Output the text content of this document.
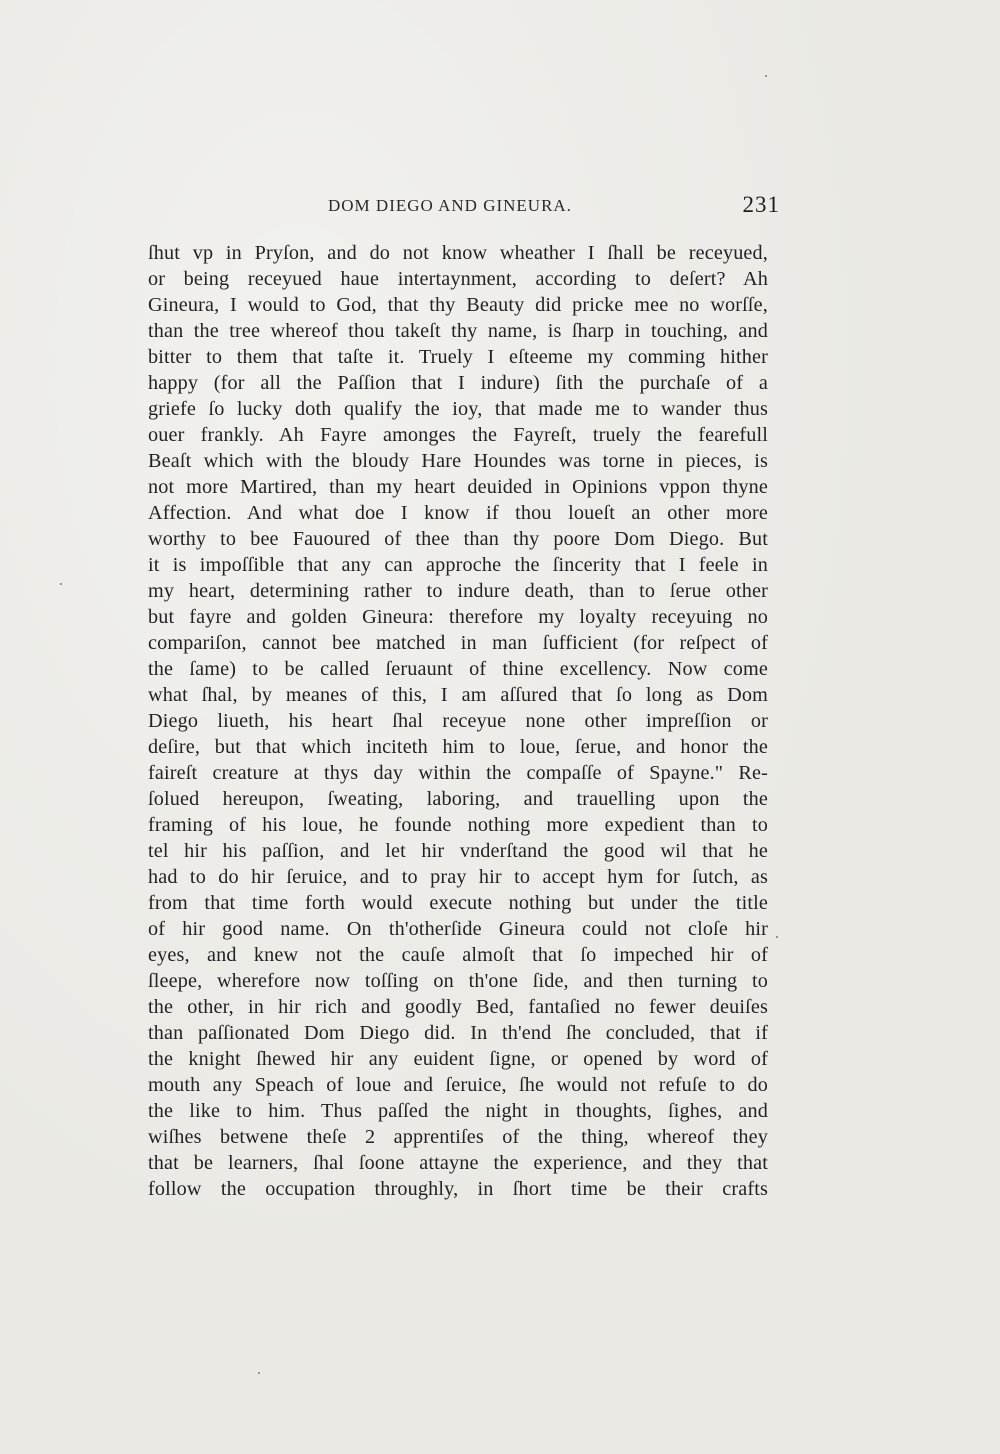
DOM DIEGO AND GINEURA.	231
ſhut vp in Pryſon, and do not know wheather I ſhall be receyued,
or being receyued haue intertaynment, according to deſert? Ah
Gineura, I would to God, that thy Beauty did pricke mee no worſſe,
than the tree whereof thou takeſt thy name, is ſharp in touching, and
bitter to them that taſte it. Truely I eſteeme my comming hither
happy (for all the Paſſion that I indure) ſith the purchaſe of a
griefe ſo lucky doth qualify the ioy, that made me to wander thus
ouer frankly. Ah Fayre amonges the Fayreſt, truely the fearefull
Beaſt which with the bloudy Hare Houndes was torne in pieces, is
not more Martired, than my heart deuided in Opinions vppon thyne
Affection. And what doe I know if thou loueſt an other more
worthy to bee Fauoured of thee than thy poore Dom Diego. But
it is impoſſible that any can approche the ſincerity that I feele in
my heart, determining rather to indure death, than to ſerue other
but fayre and golden Gineura: therefore my loyalty receyuing no
compariſon, cannot bee matched in man ſufficient (for reſpect of
the ſame) to be called ſeruaunt of thine excellency. Now come
what ſhal, by meanes of this, I am aſſured that ſo long as Dom
Diego liueth, his heart ſhal receyue none other impreſſion or
deſire, but that which inciteth him to loue, ſerue, and honor the
faireſt creature at thys day within the compaſſe of Spayne." Re-
ſolued hereupon, ſweating, laboring, and trauelling upon the
framing of his loue, he founde nothing more expedient than to
tel hir his paſſion, and let hir vnderſtand the good wil that he
had to do hir ſeruice, and to pray hir to accept hym for ſutch, as
from that time forth would execute nothing but under the title
of hir good name. On th'otherſide Gineura could not cloſe hir
eyes, and knew not the cauſe almoſt that ſo impeched hir of
ſleepe, wherefore now toſſing on th'one ſide, and then turning to
the other, in hir rich and goodly Bed, fantaſied no fewer deuiſes
than paſſionated Dom Diego did. In th'end ſhe concluded, that if
the knight ſhewed hir any euident ſigne, or opened by word of
mouth any Speach of loue and ſeruice, ſhe would not refuſe to do
the like to him. Thus paſſed the night in thoughts, ſighes, and
wiſhes betwene theſe 2 apprentiſes of the thing, whereof they
that be learners, ſhal ſoone attayne the experience, and they that
follow the occupation throughly, in ſhort time be their crafts
